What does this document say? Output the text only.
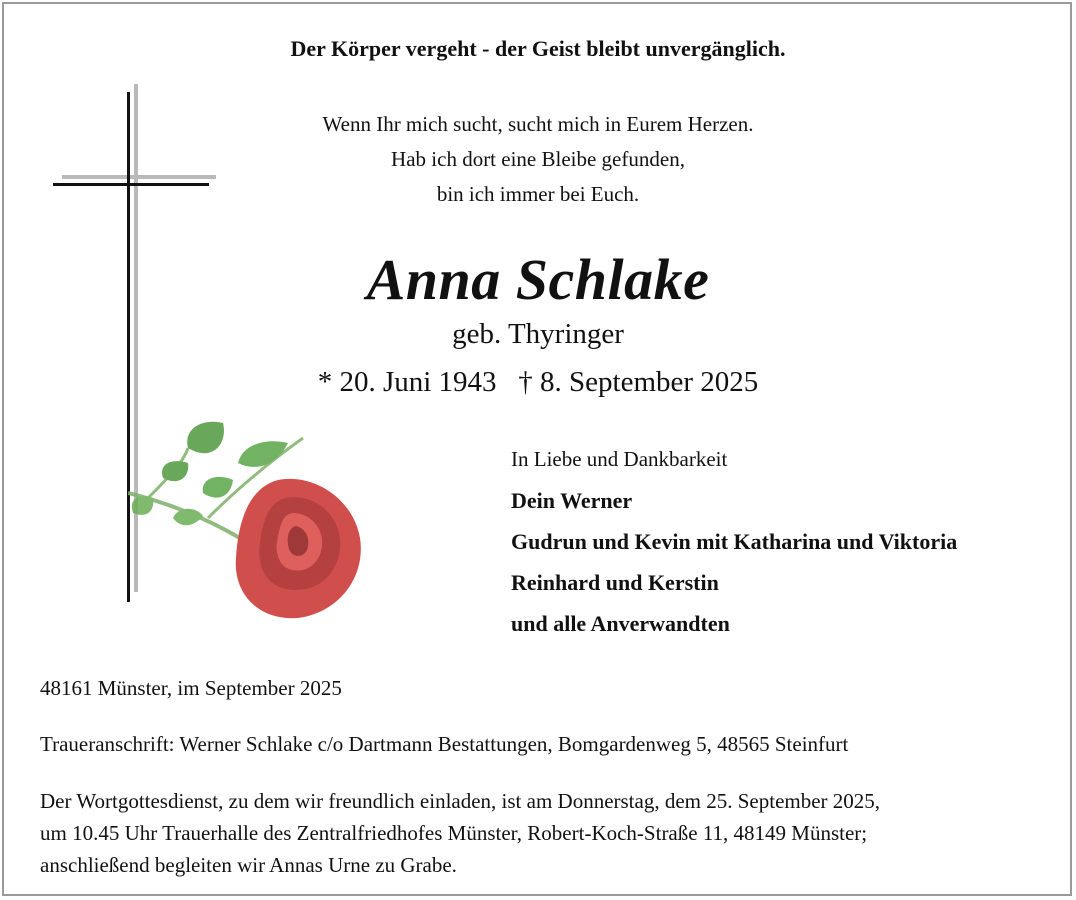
Der Körper vergeht - der Geist bleibt unvergänglich.
Wenn Ihr mich sucht, sucht mich in Eurem Herzen.
Hab ich dort eine Bleibe gefunden,
bin ich immer bei Euch.
Anna Schlake
geb. Thyringer
* 20. Juni 1943 † 8. September 2025
In Liebe und Dankbarkeit
Dein Werner
Gudrun und Kevin mit Katharina und Viktoria
Reinhard und Kerstin
und alle Anverwandten
48161 Münster, im September 2025
Traueranschrift: Werner Schlake c/o Dartmann Bestattungen, Bomgardenweg 5, 48565 Steinfurt
Der Wortgottesdienst, zu dem wir freundlich einladen, ist am Donnerstag, dem 25. September 2025,
um 10.45 Uhr Trauerhalle des Zentralfriedhofes Münster, Robert-Koch-Straße 11, 48149 Münster;
anschließend begleiten wir Annas Urne zu Grabe.
